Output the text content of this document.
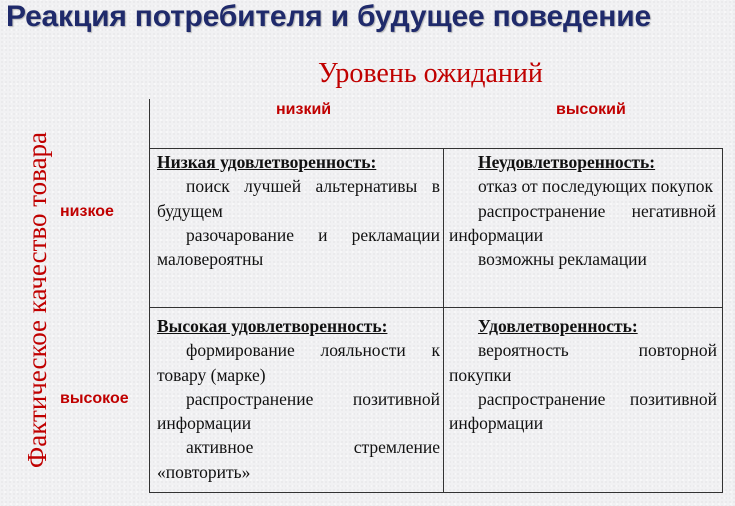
Реакция потребителя и будущее поведение
Уровень ожиданий
Фактическое качество товара
низкий	высокий
низкое
высокое
Низкая удовлетворенность:
поиск лучшей альтернативы в будущем
разочарование и рекламации маловероятны
Неудовлетворенность:
отказ от последующих покупок
распространение негативной информации
возможны рекламации
Высокая удовлетворенность:
формирование лояльности к товару (марке)
распространение позитивной информации
активное стремление «повторить»
Удовлетворенность:
вероятность повторной покупки
распространение позитивной информации
